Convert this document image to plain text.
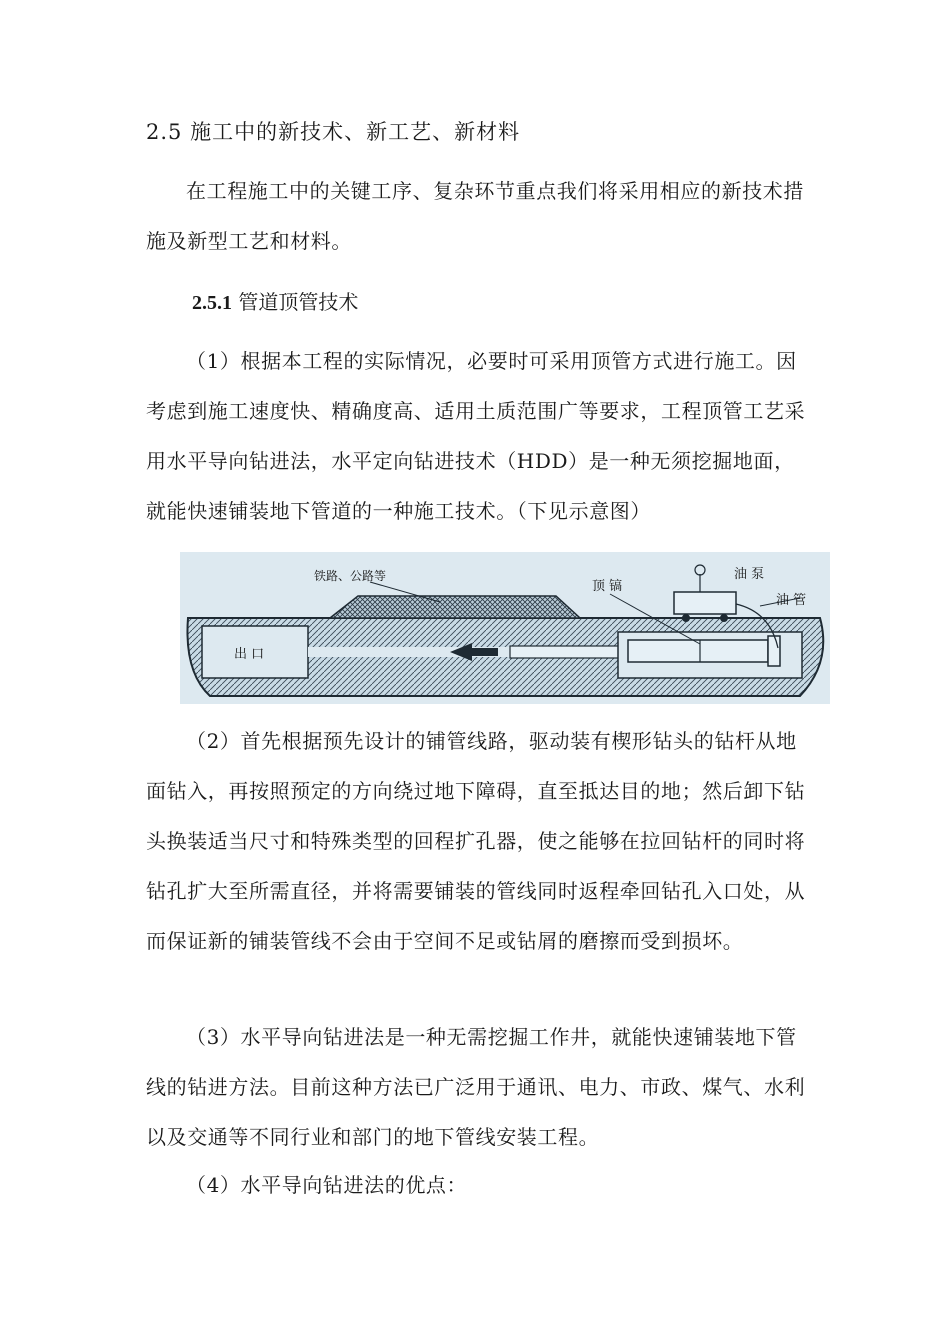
2.5 施工中的新技术、新工艺、新材料
在工程施工中的关键工序、复杂环节重点我们将采用相应的新技术措施及新型工艺和材料。
2.5.1 管道顶管技术
（1）根据本工程的实际情况，必要时可采用顶管方式进行施工。因考虑到施工速度快、精确度高、适用土质范围广等要求，工程顶管工艺采用水平导向钻进法，水平定向钻进技术（HDD）是一种无须挖掘地面，就能快速铺装地下管道的一种施工技术。（下见示意图）
铁路、公路等
顶 镐
油 泵
油 管
出 口
（2）首先根据预先设计的铺管线路，驱动装有楔形钻头的钻杆从地面钻入，再按照预定的方向绕过地下障碍，直至抵达目的地；然后卸下钻头换装适当尺寸和特殊类型的回程扩孔器，使之能够在拉回钻杆的同时将钻孔扩大至所需直径，并将需要铺装的管线同时返程牵回钻孔入口处，从而保证新的铺装管线不会由于空间不足或钻屑的磨擦而受到损坏。
（3）水平导向钻进法是一种无需挖掘工作井，就能快速铺装地下管线的钻进方法。目前这种方法已广泛用于通讯、电力、市政、煤气、水利以及交通等不同行业和部门的地下管线安装工程。
（4）水平导向钻进法的优点：
